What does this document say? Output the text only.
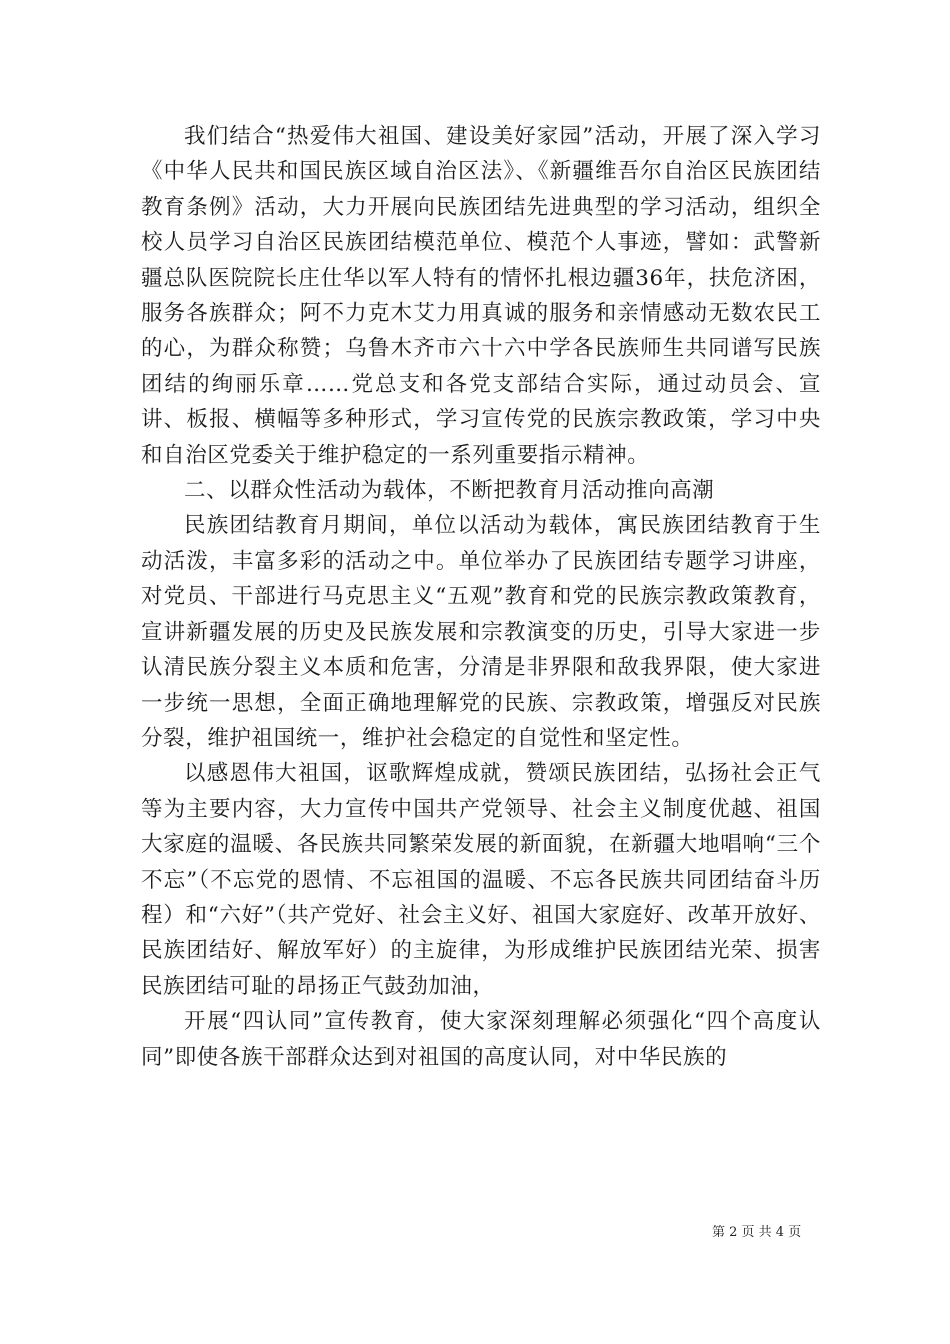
我们结合“热爱伟大祖国、建设美好家园”活动，开展了深入学习《中华人民共和国民族区域自治区法》、《新疆维吾尔自治区民族团结教育条例》活动，大力开展向民族团结先进典型的学习活动，组织全校人员学习自治区民族团结模范单位、模范个人事迹，譬如：武警新疆总队医院院长庄仕华以军人特有的情怀扎根边疆36年，扶危济困，服务各族群众；阿不力克木艾力用真诚的服务和亲情感动无数农民工的心，为群众称赞；乌鲁木齐市六十六中学各民族师生共同谱写民族团结的绚丽乐章……党总支和各党支部结合实际，通过动员会、宣讲、板报、横幅等多种形式，学习宣传党的民族宗教政策，学习中央和自治区党委关于维护稳定的一系列重要指示精神。

二、以群众性活动为载体，不断把教育月活动推向高潮

民族团结教育月期间，单位以活动为载体，寓民族团结教育于生动活泼，丰富多彩的活动之中。单位举办了民族团结专题学习讲座，对党员、干部进行马克思主义“五观”教育和党的民族宗教政策教育，宣讲新疆发展的历史及民族发展和宗教演变的历史，引导大家进一步认清民族分裂主义本质和危害，分清是非界限和敌我界限，使大家进一步统一思想，全面正确地理解党的民族、宗教政策，增强反对民族分裂，维护祖国统一，维护社会稳定的自觉性和坚定性。

以感恩伟大祖国，讴歌辉煌成就，赞颂民族团结，弘扬社会正气等为主要内容，大力宣传中国共产党领导、社会主义制度优越、祖国大家庭的温暖、各民族共同繁荣发展的新面貌，在新疆大地唱响“三个不忘”（不忘党的恩情、不忘祖国的温暖、不忘各民族共同团结奋斗历程）和“六好”（共产党好、社会主义好、祖国大家庭好、改革开放好、民族团结好、解放军好）的主旋律，为形成维护民族团结光荣、损害民族团结可耻的昂扬正气鼓劲加油，

开展“四认同”宣传教育，使大家深刻理解必须强化“四个高度认同”即使各族干部群众达到对祖国的高度认同，对中华民族的

第 2 页 共 4 页
